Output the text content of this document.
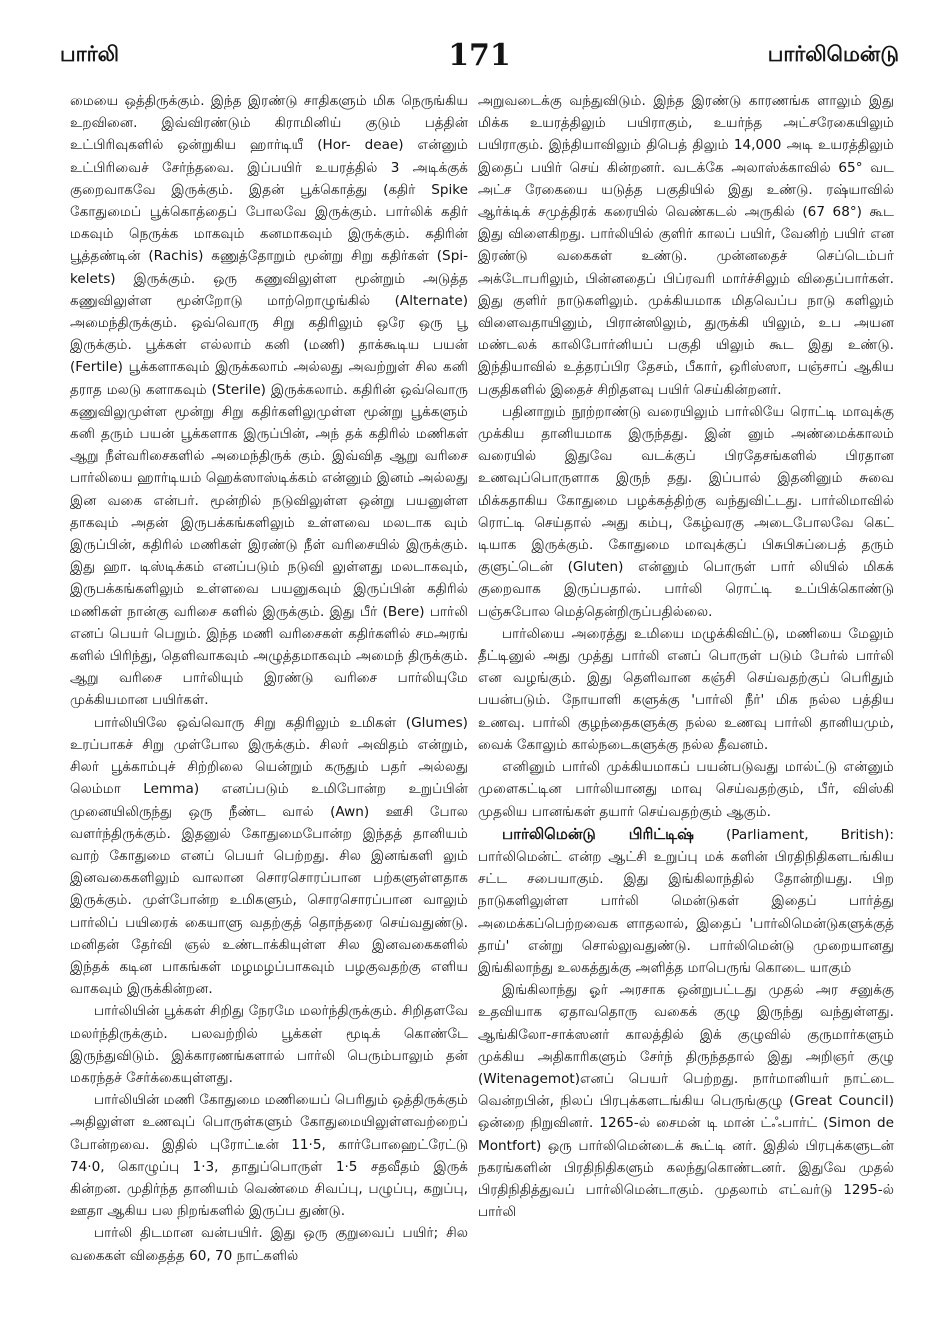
பார்லி	171	பார்லிமென்டு

மையை ஒத்திருக்கும். இந்த இரண்டு சாதிகளும் மிக நெருங்கிய உறவினை. இவ்விரண்டும் கிராமினிய் குடும் பத்தின் உட்பிரிவுகளில் ஒன்றுகிய ஹார்டியீ (Hor- deae) என்னும் உட்பிரிவைச் சேர்ந்தவை. இப்பயிர் உயரத்தில் 3 அடிக்குக் குறைவாகவே இருக்கும். இதன் பூக்கொத்து (கதிர் Spike கோதுமைப் பூக்கொத்தைப் போலவே இருக்கும். பார்லிக் கதிர் மகவும் நெருக்க மாகவும் கனமாகவும் இருக்கும். கதிரின் பூத்தண்டின் (Rachis) கணுத்தோறும் மூன்று சிறு கதிர்கள் (Spi- kelets) இருக்கும். ஒரு கணுவிலுள்ள மூன்றும் அடுத்த கணுவிலுள்ள மூன்றோடு மாற்றொழுங்கில் (Alternate) அமைந்திருக்கும். ஒவ்வொரு சிறு கதிரிலும் ஒரே ஒரு பூ இருக்கும். பூக்கள் எல்லாம் கனி (மணி) தாக்கூடிய பயன் (Fertile) பூக்களாகவும் இருக்கலாம் அல்லது அவற்றுள் சில கனி தராத மலடு களாகவும் (Sterile) இருக்கலாம். கதிரின் ஒவ்வொரு கணுவிலுமுள்ள மூன்று சிறு கதிர்களிலுமுள்ள மூன்று பூக்களும் கனி தரும் பயன் பூக்களாக இருப்பின், அந் தக் கதிரில் மணிகள் ஆறு நீள்வரிசைகளில் அமைந்திருக் கும். இவ்வித ஆறு வரிசை பார்லியை ஹார்டியம் ஹெக்ஸாஸ்டிக்கம் என்னும் இனம் அல்லது இன வகை என்பர். மூன்றில் நடுவிலுள்ள ஒன்று பயனுள்ள தாகவும் அதன் இருபக்கங்களிலும் உள்ளவை மலடாக வும் இருப்பின், கதிரில் மணிகள் இரண்டு நீள் வரிசையில் இருக்கும். இது ஹா. டிஸ்டிக்கம் எனப்படும் நடுவி லுள்ளது மலடாகவும், இருபக்கங்களிலும் உள்ளவை பயனுகவும் இருப்பின் கதிரில் மணிகள் நான்கு வரிசை களில் இருக்கும். இது பீர் (Bere) பார்லி எனப் பெயர் பெறும். இந்த மணி வரிசைகள் கதிர்களில் சமஅரங் களில் பிரிந்து, தெளிவாகவும் அழுத்தமாகவும் அமைந் திருக்கும். ஆறு வரிசை பார்லியும் இரண்டு வரிசை பார்லியுமே முக்கியமான பயிர்கள்.

பார்லியிலே ஒவ்வொரு சிறு கதிரிலும் உமிகள் (Glumes) உரப்பாகச் சிறு முள்போல இருக்கும். சிலர் அவிதம் என்றும், சிலர் பூக்காம்புச் சிற்றிலை யென்றும் கருதும் பதர் அல்லது லெம்மா Lemma) எனப்படும் உமிபோன்ற உறுப்பின் முனையிலிருந்து ஒரு நீண்ட வால் (Awn) ஊசி போல வளர்ந்திருக்கும். இதனுல் கோதுமைபோன்ற இந்தத் தானியம் வாற் கோதுமை எனப் பெயர் பெற்றது. சில இனங்களி லும் இனவகைகளிலும் வாலான சொரசொரப்பான பற்களுள்ளதாக இருக்கும். முள்போன்ற உமிகளும், சொரசொரப்பான வாலும் பார்லிப் பயிரைக் கையாளு வதற்குத் தொந்தரை செய்வதுண்டு. மனிதன் தேர்வி ஞல் உண்டாக்கியுள்ள சில இனவகைகளில் இந்தக் கடின பாகங்கள் மழமழப்பாகவும் பழகுவதற்கு எளிய வாகவும் இருக்கின்றன.

பார்லியின் பூக்கள் சிறிது நேரமே மலர்ந்திருக்கும். சிறிதளவே மலர்ந்திருக்கும். பலவற்றில் பூக்கள் மூடிக் கொண்டே இருந்துவிடும். இக்காரணங்களால் பார்லி பெரும்பாலும் தன் மகரந்தச் சேர்க்கையுள்ளது.

பார்லியின் மணி கோதுமை மணியைப் பெரிதும் ஒத்திருக்கும் அதிலுள்ள உணவுப் பொருள்களும் கோதுமையிலுள்ளவற்றைப் போன்றவை. இதில் புரோட்டீன் 11·5, கார்போஹைட்ரேட்டு 74·0, கொழுப்பு 1·3, தாதுப்பொருள் 1·5 சதவீதம் இருக் கின்றன. முதிர்ந்த தானியம் வெண்மை சிவப்பு, பழுப்பு, கறுப்பு, ஊதா ஆகிய பல நிறங்களில் இருப்ப துண்டு.

பார்லி திடமான வன்பயிர். இது ஒரு குறுவைப் பயிர்; சில வகைகள் விதைத்த 60, 70 நாட்களில்

அறுவடைக்கு வந்துவிடும். இந்த இரண்டு காரணங்க ளாலும் இது மிக்க உயரத்திலும் பயிராகும், உயர்ந்த அட்சரேகையிலும் பயிராகும். இந்தியாவிலும் திபெத் திலும் 14,000 அடி உயரத்திலும் இதைப் பயிர் செய் கின்றனர். வடக்கே அலாஸ்க்காவில் 65° வட அட்ச ரேகையை யடுத்த பகுதியில் இது உண்டு. ரஷ்யாவில் ஆர்க்டிக் சமுத்திரக் கரையில் வெண்கடல் அருகில் (67 68°) கூட இது விளைகிறது. பார்லியில் குளிர் காலப் பயிர், வேனிற் பயிர் என இரண்டு வகைகள் உண்டு. முன்னதைச் செப்டெம்பர் அக்டோபரிலும், பின்னதைப் பிப்ரவரி மார்ச்சிலும் விதைப்பார்கள். இது குளிர் நாடுகளிலும். முக்கியமாக மிதவெப்ப நாடு களிலும் விளைவதாயினும், பிரான்ஸிலும், துருக்கி யிலும், உப அயன மண்டலக் காலிபோர்னியப் பகுதி யிலும் கூட இது உண்டு. இந்தியாவில் உத்தரப்பிர தேசம், பீகார், ஒரிஸ்ஸா, பஞ்சாப் ஆகிய பகுதிகளில் இதைச் சிறிதளவு பயிர் செய்கின்றனர்.

பதினாறும் நூற்றாண்டு வரையிலும் பார்லியே ரொட்டி மாவுக்கு முக்கிய தானியமாக இருந்தது. இன் னும் அண்மைக்காலம் வரையில் இதுவே வடக்குப் பிரதேசங்களில் பிரதான உணவுப்பொருளாக இருந் தது. இப்பால் இதனினும் சுவை மிக்கதாகிய கோதுமை பழக்கத்திற்கு வந்துவிட்டது. பார்லிமாவில் ரொட்டி செய்தால் அது கம்பு, கேழ்வரகு அடைபோலவே கெட் டியாக இருக்கும். கோதுமை மாவுக்குப் பிசுபிசுப்பைத் தரும் குளுட்டென் (Gluten) என்னும் பொருள் பார் லியில் மிகக் குறைவாக இருப்பதால். பார்லி ரொட்டி உப்பிக்கொண்டு பஞ்சுபோல மெத்தென்றிருப்பதில்லை.

பார்லியை அரைத்து உமியை மழுக்கிவிட்டு, மணியை மேலும் தீட்டினுல் அது முத்து பார்லி எனப் பொருள் படும் பேர்ல் பார்லி என வழங்கும். இது தெளிவான கஞ்சி செய்வதற்குப் பெரிதும் பயன்படும். நோயாளி களுக்கு 'பார்லி நீர்' மிக நல்ல பத்திய உணவு. பார்லி குழந்தைகளுக்கு நல்ல உணவு பார்லி தானியமும், வைக் கோலும் கால்நடைகளுக்கு நல்ல தீவனம்.

எனினும் பார்லி முக்கியமாகப் பயன்படுவது மால்ட்டு என்னும் முளைகட்டின பார்லியானது மாவு செய்வதற்கும், பீர், விஸ்கி முதலிய பானங்கள் தயார் செய்வதற்கும் ஆகும்.

பார்லிமென்டு பிரிட்டிஷ் (Parliament, British): பார்லிமென்ட் என்ற ஆட்சி உறுப்பு மக் களின் பிரதிநிதிகளடங்கிய சட்ட சபையாகும். இது இங்கிலாந்தில் தோன்றியது. பிற நாடுகளிலுள்ள பார்லி மென்டுகள் இதைப் பார்த்து அமைக்கப்பெற்றவைக ளாதலால், இதைப் 'பார்லிமென்டுகளுக்குத் தாய்' என்று சொல்லுவதுண்டு. பார்லிமென்டு முறையானது இங்கிலாந்து உலகத்துக்கு அளித்த மாபெருங் கொடை யாகும்

இங்கிலாந்து ஓர் அரசாக ஒன்றுபட்டது முதல் அர சனுக்கு உதவியாக ஏதாவதொரு வகைக் குழு இருந்து வந்துள்ளது. ஆங்கிலோ-சாக்ஸனர் காலத்தில் இக் குழுவில் குருமார்களும் முக்கிய அதிகாரிகளும் சேர்ந் திருந்ததால் இது அறிஞர் குழு (Witenagemot)எனப் பெயர் பெற்றது. நார்மானியர் நாட்டை வென்றபின், நிலப் பிரபுக்களடங்கிய பெருங்குழு (Great Council) ஒன்றை நிறுவினர். 1265-ல் சைமன் டி மான் ட்ஃபார்ட் (Simon de Montfort) ஒரு பார்லிமென்டைக் கூட்டி னர். இதில் பிரபுக்களுடன் நகரங்களின் பிரதிநிதிகளும் கலந்துகொண்டனர். இதுவே முதல் பிரதிநிதித்துவப் பார்லிமென்டாகும். முதலாம் எட்வர்டு 1295-ல் பார்லி
